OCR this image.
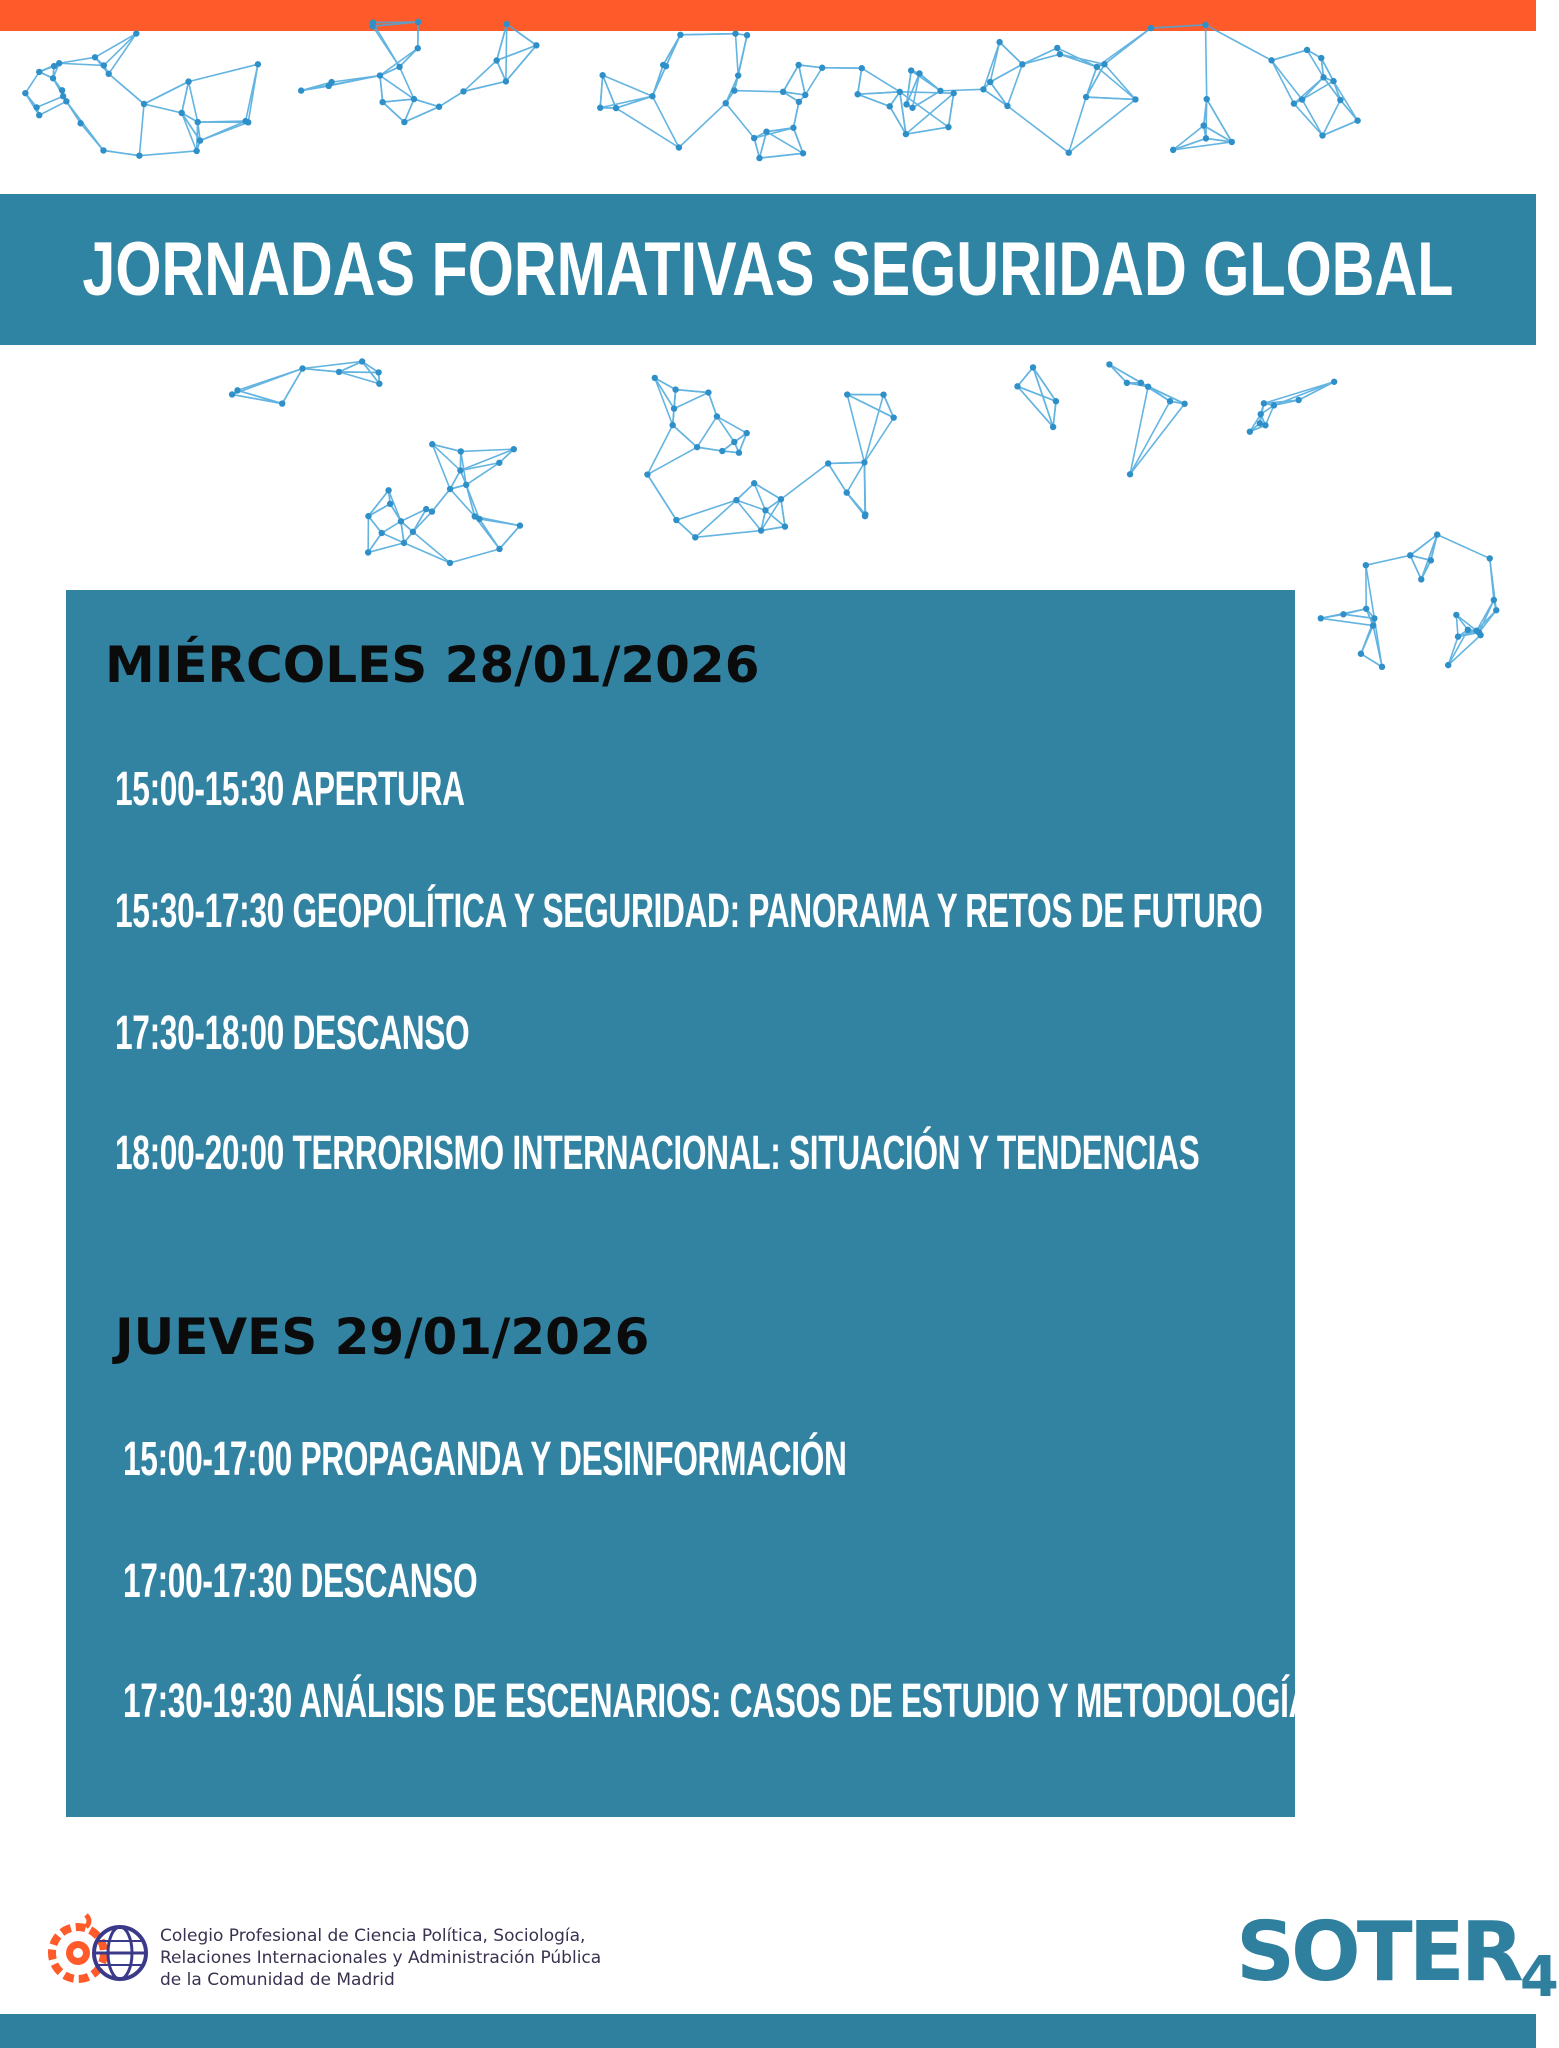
JORNADAS FORMATIVAS SEGURIDAD GLOBAL
MIÉRCOLES 28/01/2026
15:00-15:30 APERTURA
15:30-17:30 GEOPOLÍTICA Y SEGURIDAD: PANORAMA Y RETOS DE FUTURO
17:30-18:00 DESCANSO
18:00-20:00 TERRORISMO INTERNACIONAL: SITUACIÓN Y TENDENCIAS
JUEVES 29/01/2026
15:00-17:00 PROPAGANDA Y DESINFORMACIÓN
17:00-17:30 DESCANSO
17:30-19:30 ANÁLISIS DE ESCENARIOS: CASOS DE ESTUDIO Y METODOLOGÍA
Colegio Profesional de Ciencia Política, Sociología,
Relaciones Internacionales y Administración Pública
de la Comunidad de Madrid	SOTER4
